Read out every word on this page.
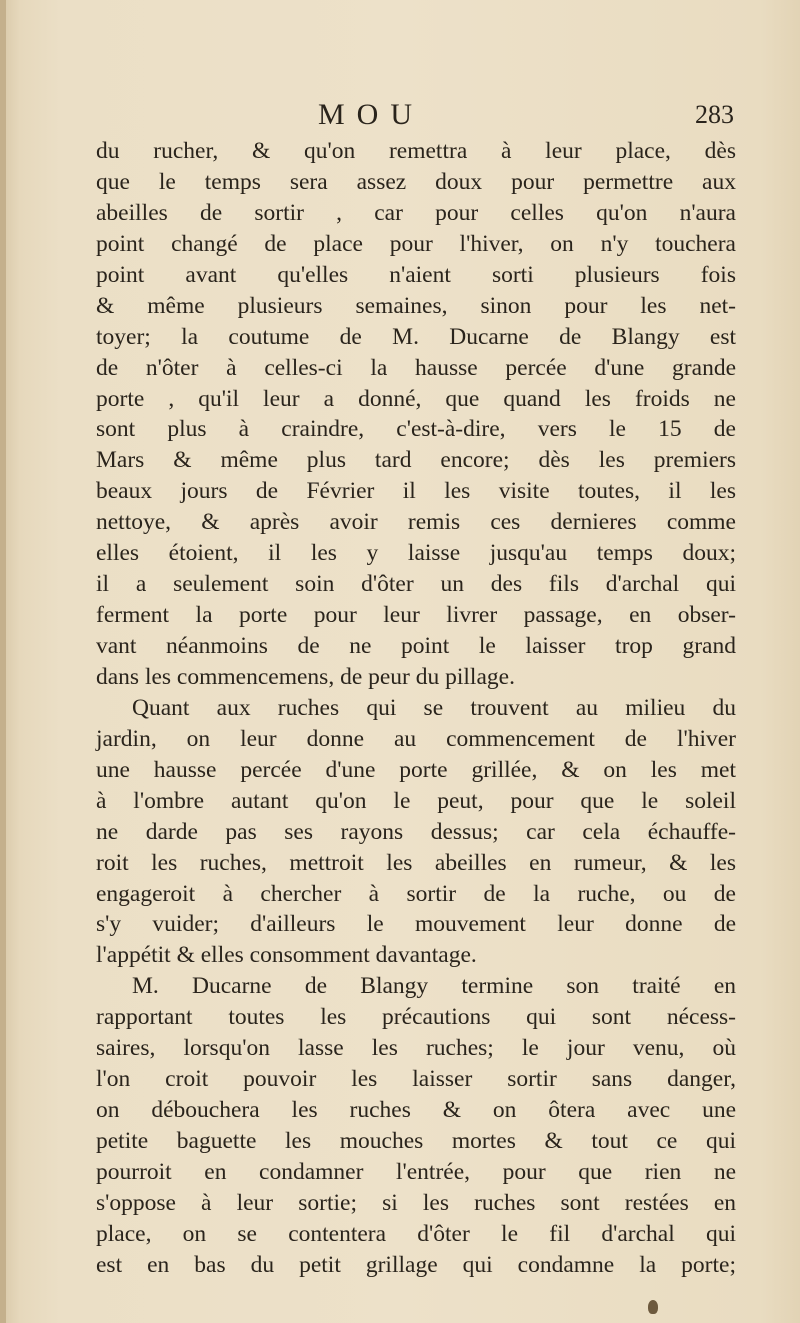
MOU	283
du rucher, & qu'on remettra à leur place, dès
que le temps sera assez doux pour permettre aux
abeilles de sortir , car pour celles qu'on n'aura
point changé de place pour l'hiver, on n'y touchera
point avant qu'elles n'aient sorti plusieurs fois
& même plusieurs semaines, sinon pour les net-
toyer; la coutume de M. Ducarne de Blangy est
de n'ôter à celles-ci la hausse percée d'une grande
porte , qu'il leur a donné, que quand les froids ne
sont plus à craindre, c'est-à-dire, vers le 15 de
Mars & même plus tard encore; dès les premiers
beaux jours de Février il les visite toutes, il les
nettoye, & après avoir remis ces dernieres comme
elles étoient, il les y laisse jusqu'au temps doux;
il a seulement soin d'ôter un des fils d'archal qui
ferment la porte pour leur livrer passage, en obser-
vant néanmoins de ne point le laisser trop grand
dans les commencemens, de peur du pillage.
Quant aux ruches qui se trouvent au milieu du
jardin, on leur donne au commencement de l'hiver
une hausse percée d'une porte grillée, & on les met
à l'ombre autant qu'on le peut, pour que le soleil
ne darde pas ses rayons dessus; car cela échauffe-
roit les ruches, mettroit les abeilles en rumeur, & les
engageroit à chercher à sortir de la ruche, ou de
s'y vuider; d'ailleurs le mouvement leur donne de
l'appétit & elles consomment davantage.
M. Ducarne de Blangy termine son traité en
rapportant toutes les précautions qui sont nécess-
saires, lorsqu'on lasse les ruches; le jour venu, où
l'on croit pouvoir les laisser sortir sans danger,
on débouchera les ruches & on ôtera avec une
petite baguette les mouches mortes & tout ce qui
pourroit en condamner l'entrée, pour que rien ne
s'oppose à leur sortie; si les ruches sont restées en
place, on se contentera d'ôter le fil d'archal qui
est en bas du petit grillage qui condamne la porte;
